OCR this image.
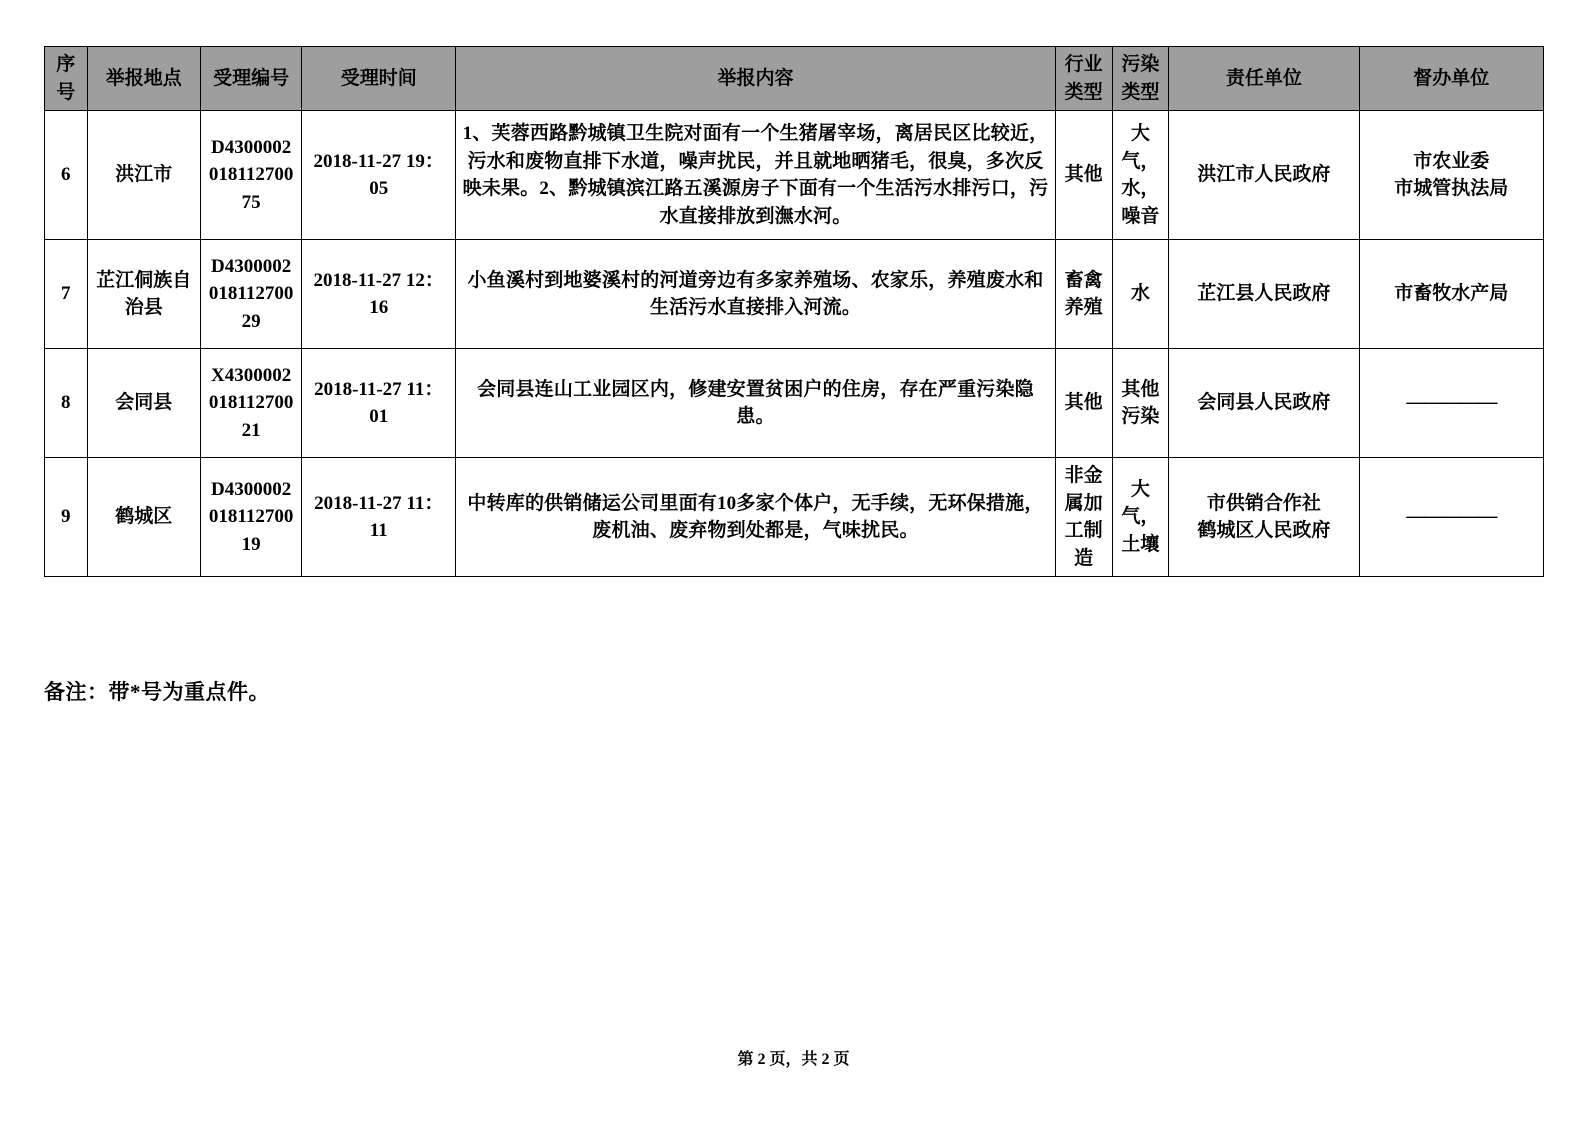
序号	举报地点	受理编号	受理时间	举报内容	行业类型	污染类型	责任单位	督办单位
6	洪江市	D430000201811270075	2018-11-27 19：05	1、芙蓉西路黔城镇卫生院对面有一个生猪屠宰场，离居民区比较近，污水和废物直排下水道，噪声扰民，并且就地晒猪毛，很臭，多次反映未果。2、黔城镇滨江路五溪源房子下面有一个生活污水排污口，污水直接排放到潕水河。	其他	大气，水，噪音	洪江市人民政府	市农业委
市城管执法局
7	芷江侗族自治县	D430000201811270029	2018-11-27 12：16	小鱼溪村到地婆溪村的河道旁边有多家养殖场、农家乐，养殖废水和生活污水直接排入河流。	畜禽养殖	水	芷江县人民政府	市畜牧水产局
8	会同县	X430000201811270021	2018-11-27 11：01	会同县连山工业园区内，修建安置贫困户的住房，存在严重污染隐患。	其他	其他污染	会同县人民政府	—————
9	鹤城区	D430000201811270019	2018-11-27 11：11	中转库的供销储运公司里面有10多家个体户，无手续，无环保措施，废机油、废弃物到处都是，气味扰民。	非金属加工制造	大气，土壤	市供销合作社
鹤城区人民政府	—————
备注：带*号为重点件。
第 2 页，共 2 页
